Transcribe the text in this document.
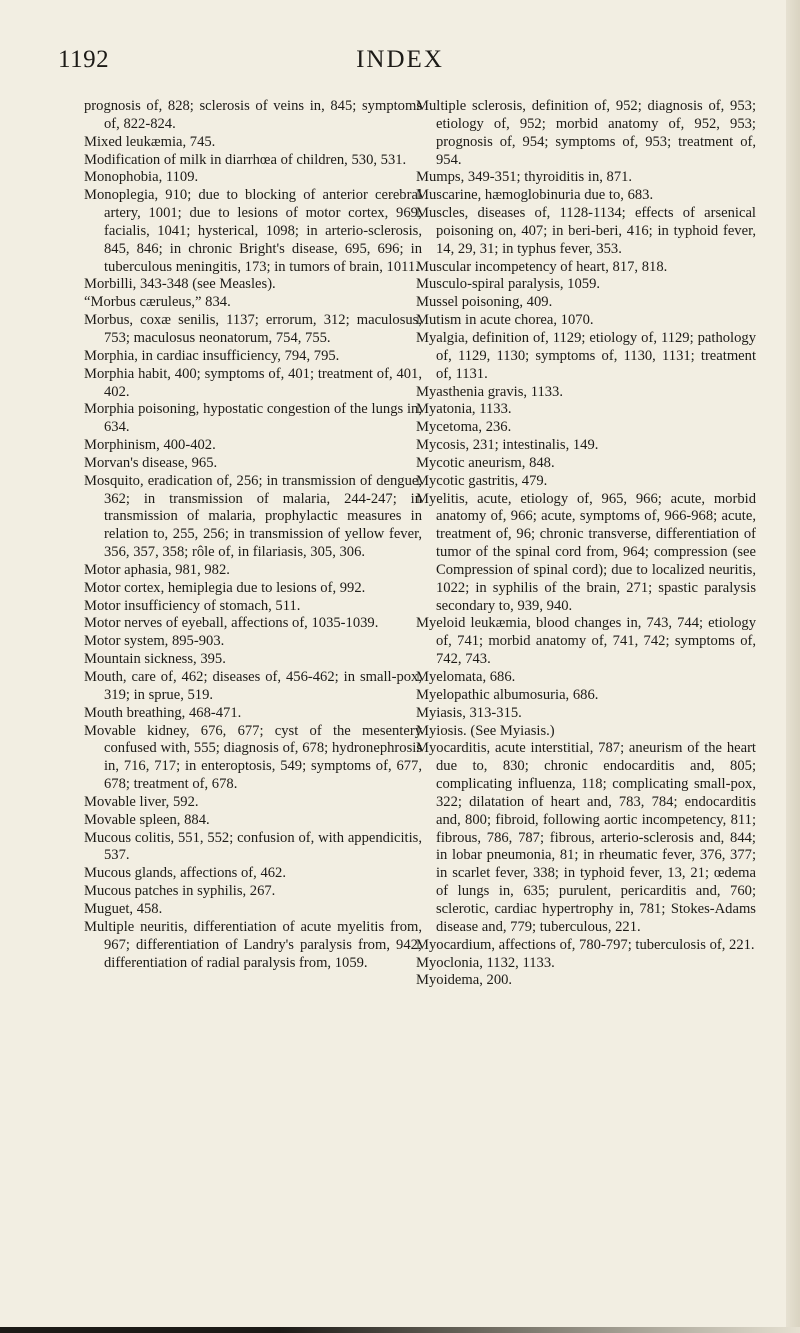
1192	INDEX

prognosis of, 828; sclerosis of veins in, 845; symptoms of, 822-824.

Mixed leukæmia, 745.

Modification of milk in diarrhœa of children, 530, 531.

Monophobia, 1109.

Monoplegia, 910; due to blocking of anterior cerebral artery, 1001; due to lesions of motor cortex, 969; facialis, 1041; hysterical, 1098; in arterio-sclerosis, 845, 846; in chronic Bright's disease, 695, 696; in tuberculous meningitis, 173; in tumors of brain, 1011.

Morbilli, 343-348 (see Measles).

“Morbus cæruleus,” 834.

Morbus, coxæ senilis, 1137; errorum, 312; maculosus, 753; maculosus neonatorum, 754, 755.

Morphia, in cardiac insufficiency, 794, 795.

Morphia habit, 400; symptoms of, 401; treatment of, 401, 402.

Morphia poisoning, hypostatic congestion of the lungs in, 634.

Morphinism, 400-402.

Morvan's disease, 965.

Mosquito, eradication of, 256; in transmission of dengue, 362; in transmission of malaria, 244-247; in transmission of malaria, prophylactic measures in relation to, 255, 256; in transmission of yellow fever, 356, 357, 358; rôle of, in filariasis, 305, 306.

Motor aphasia, 981, 982.

Motor cortex, hemiplegia due to lesions of, 992.

Motor insufficiency of stomach, 511.

Motor nerves of eyeball, affections of, 1035-1039.

Motor system, 895-903.

Mountain sickness, 395.

Mouth, care of, 462; diseases of, 456-462; in small-pox, 319; in sprue, 519.

Mouth breathing, 468-471.

Movable kidney, 676, 677; cyst of the mesentery confused with, 555; diagnosis of, 678; hydronephrosis in, 716, 717; in enteroptosis, 549; symptoms of, 677, 678; treatment of, 678.

Movable liver, 592.

Movable spleen, 884.

Mucous colitis, 551, 552; confusion of, with appendicitis, 537.

Mucous glands, affections of, 462.

Mucous patches in syphilis, 267.

Muguet, 458.

Multiple neuritis, differentiation of acute myelitis from, 967; differentiation of Landry's paralysis from, 942; differentiation of radial paralysis from, 1059.

Multiple sclerosis, definition of, 952; diagnosis of, 953; etiology of, 952; morbid anatomy of, 952, 953; prognosis of, 954; symptoms of, 953; treatment of, 954.

Mumps, 349-351; thyroiditis in, 871.

Muscarine, hæmoglobinuria due to, 683.

Muscles, diseases of, 1128-1134; effects of arsenical poisoning on, 407; in beri-beri, 416; in typhoid fever, 14, 29, 31; in typhus fever, 353.

Muscular incompetency of heart, 817, 818.

Musculo-spiral paralysis, 1059.

Mussel poisoning, 409.

Mutism in acute chorea, 1070.

Myalgia, definition of, 1129; etiology of, 1129; pathology of, 1129, 1130; symptoms of, 1130, 1131; treatment of, 1131.

Myasthenia gravis, 1133.

Myatonia, 1133.

Mycetoma, 236.

Mycosis, 231; intestinalis, 149.

Mycotic aneurism, 848.

Mycotic gastritis, 479.

Myelitis, acute, etiology of, 965, 966; acute, morbid anatomy of, 966; acute, symptoms of, 966-968; acute, treatment of, 96; chronic transverse, differentiation of tumor of the spinal cord from, 964; compression (see Compression of spinal cord); due to localized neuritis, 1022; in syphilis of the brain, 271; spastic paralysis secondary to, 939, 940.

Myeloid leukæmia, blood changes in, 743, 744; etiology of, 741; morbid anatomy of, 741, 742; symptoms of, 742, 743.

Myelomata, 686.

Myelopathic albumosuria, 686.

Myiasis, 313-315.

Myiosis. (See Myiasis.)

Myocarditis, acute interstitial, 787; aneurism of the heart due to, 830; chronic endocarditis and, 805; complicating influenza, 118; complicating small-pox, 322; dilatation of heart and, 783, 784; endocarditis and, 800; fibroid, following aortic incompetency, 811; fibrous, 786, 787; fibrous, arterio-sclerosis and, 844; in lobar pneumonia, 81; in rheumatic fever, 376, 377; in scarlet fever, 338; in typhoid fever, 13, 21; œdema of lungs in, 635; purulent, pericarditis and, 760; sclerotic, cardiac hypertrophy in, 781; Stokes-Adams disease and, 779; tuberculous, 221.

Myocardium, affections of, 780-797; tuberculosis of, 221.

Myoclonia, 1132, 1133.

Myoidema, 200.
